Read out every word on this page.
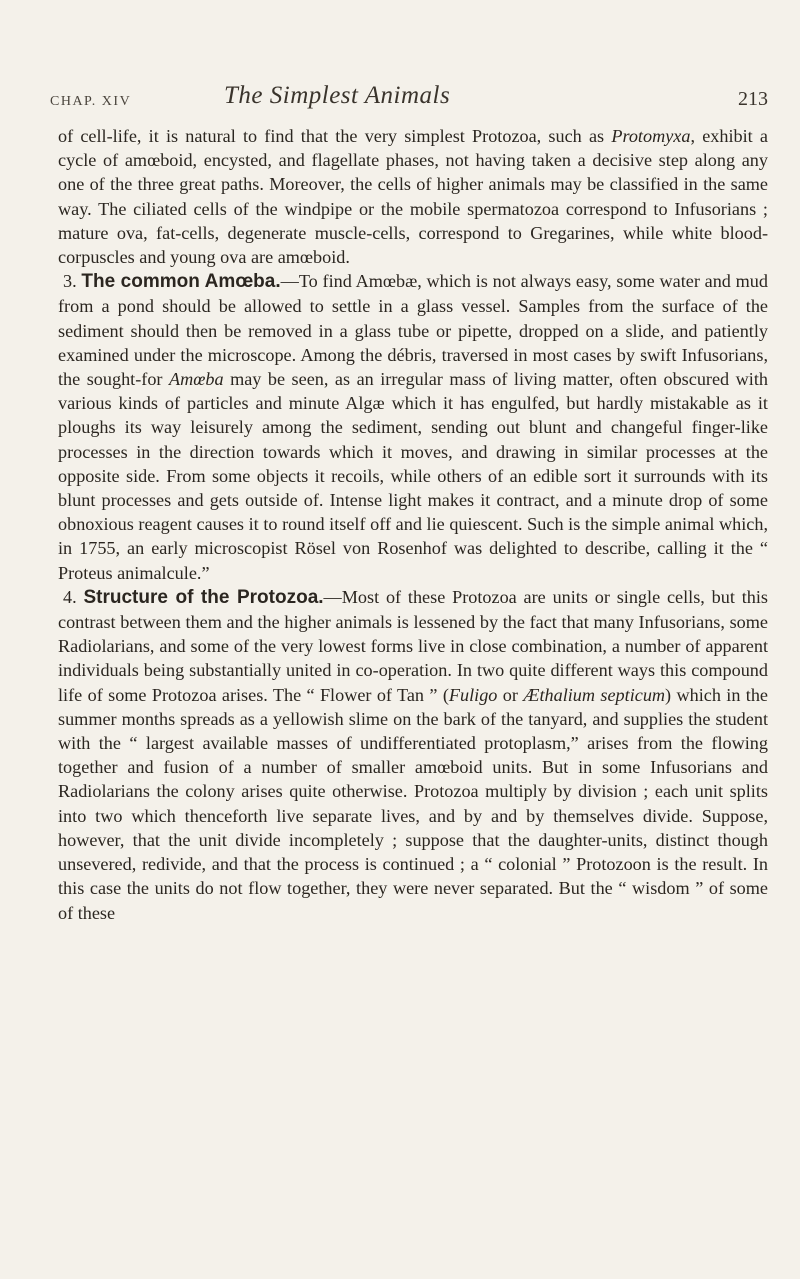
CHAP. XIV	The Simplest Animals	213

of cell-life, it is natural to find that the very simplest Protozoa, such as Protomyxa, exhibit a cycle of amœboid, encysted, and flagellate phases, not having taken a decisive step along any one of the three great paths. Moreover, the cells of higher animals may be classified in the same way. The ciliated cells of the windpipe or the mobile spermatozoa correspond to Infusorians ; mature ova, fat-cells, degenerate muscle-cells, correspond to Gregarines, while white blood-corpuscles and young ova are amœboid.

3. The common Amœba.—To find Amœbæ, which is not always easy, some water and mud from a pond should be allowed to settle in a glass vessel. Samples from the surface of the sediment should then be removed in a glass tube or pipette, dropped on a slide, and patiently examined under the microscope. Among the débris, traversed in most cases by swift Infusorians, the sought-for Amœba may be seen, as an irregular mass of living matter, often obscured with various kinds of particles and minute Algæ which it has engulfed, but hardly mistakable as it ploughs its way leisurely among the sediment, sending out blunt and changeful finger-like processes in the direction towards which it moves, and drawing in similar processes at the opposite side. From some objects it recoils, while others of an edible sort it surrounds with its blunt processes and gets outside of. Intense light makes it contract, and a minute drop of some obnoxious reagent causes it to round itself off and lie quiescent. Such is the simple animal which, in 1755, an early microscopist Rösel von Rosenhof was delighted to describe, calling it the “ Proteus animalcule.”

4. Structure of the Protozoa.—Most of these Protozoa are units or single cells, but this contrast between them and the higher animals is lessened by the fact that many Infusorians, some Radiolarians, and some of the very lowest forms live in close combination, a number of apparent individuals being substantially united in co-operation. In two quite different ways this compound life of some Protozoa arises. The “ Flower of Tan ” (Fuligo or Æthalium septicum) which in the summer months spreads as a yellowish slime on the bark of the tanyard, and supplies the student with the “ largest available masses of undifferentiated protoplasm,” arises from the flowing together and fusion of a number of smaller amœboid units. But in some Infusorians and Radiolarians the colony arises quite otherwise. Protozoa multiply by division ; each unit splits into two which thenceforth live separate lives, and by and by themselves divide. Suppose, however, that the unit divide incompletely ; suppose that the daughter-units, distinct though unsevered, redivide, and that the process is continued ; a “ colonial ” Protozoon is the result. In this case the units do not flow together, they were never separated. But the “ wisdom ” of some of these
